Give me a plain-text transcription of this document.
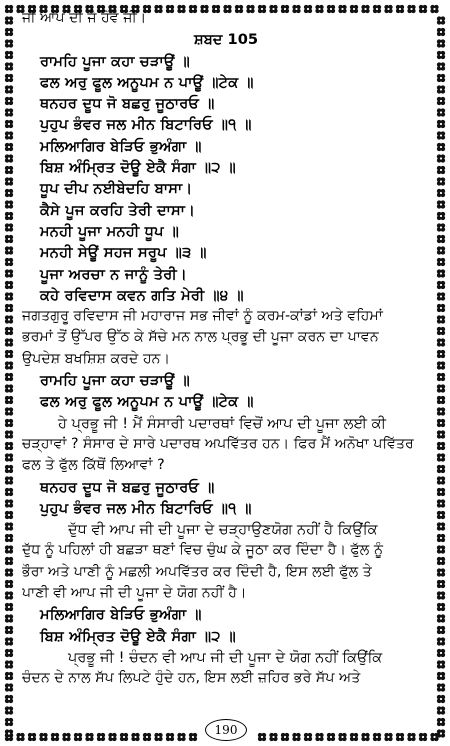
ਜੀ ਆਪ ਦੀ ਜੇ ਹੋਵੇ ਜੀ।
ਸ਼ਬਦ 105
ਰਾਮਹਿ ਪੂਜਾ ਕਹਾ ਚੜਾਊਂ ॥
ਫਲ ਅਰੁ ਫੂਲ ਅਨੂਪਮ ਨ ਪਾਊਂ ॥ਟੇਕ ॥
ਥਨਹਰ ਦੂਧ ਜੋ ਬਛਰੁ ਜੂਠਾਰਓ ॥
ਪੁਹੁਪ ਭੰਵਰ ਜਲ ਮੀਨ ਬਿਟਾਰਿਓ ॥੧ ॥
ਮਲਿਆਗਿਰ ਬੇੜਿਓ ਭੁਅੰਗਾ ॥
ਬਿਸ਼ ਅੰਮ੍ਰਿਤ ਦੋਊ ਏਕੈ ਸੰਗਾ ॥੨ ॥
ਧੂਪ ਦੀਪ ਨਈਬੇਦਹਿ ਬਾਸਾ।
ਕੈਸੇ ਪੂਜ ਕਰਹਿ ਤੇਰੀ ਦਾਸਾ।
ਮਨਹੀ ਪੂਜਾ ਮਨਹੀ ਧੂਪ ॥
ਮਨਹੀ ਸੇਊਂ ਸਹਜ ਸਰੂਪ ॥੩ ॥
ਪੂਜਾ ਅਰਚਾ ਨ ਜਾਨੂੰ ਤੇਰੀ।
ਕਹੇ ਰਵਿਦਾਸ ਕਵਨ ਗਤਿ ਮੇਰੀ ॥੪ ॥
ਜਗਤਗੁਰੂ ਰਵਿਦਾਸ ਜੀ ਮਹਾਰਾਜ ਸਭ ਜੀਵਾਂ ਨੂੰ ਕਰਮ-ਕਾਂਡਾਂ ਅਤੇ ਵਹਿਮਾਂ
ਭਰਮਾਂ ਤੋਂ ਉੱਪਰ ਉੱਠ ਕੇ ਸੱਚੇ ਮਨ ਨਾਲ ਪ੍ਰਭੂ ਦੀ ਪੂਜਾ ਕਰਨ ਦਾ ਪਾਵਨ
ਉਪਦੇਸ਼ ਬਖਸ਼ਿਸ਼ ਕਰਦੇ ਹਨ।
ਰਾਮਹਿ ਪੂਜਾ ਕਹਾ ਚੜਾਊਂ ॥
ਫਲ ਅਰੁ ਫੂਲ ਅਨੂਪਮ ਨ ਪਾਊਂ ॥ਟੇਕ ॥
ਹੇ ਪ੍ਰਭੂ ਜੀ ! ਮੈਂ ਸੰਸਾਰੀ ਪਦਾਰਥਾਂ ਵਿਚੋਂ ਆਪ ਦੀ ਪੂਜਾ ਲਈ ਕੀ
ਚੜ੍ਹਾਵਾਂ ? ਸੰਸਾਰ ਦੇ ਸਾਰੇ ਪਦਾਰਥ ਅਪਵਿੱਤਰ ਹਨ। ਫਿਰ ਮੈਂ ਅਨੋਖਾ ਪਵਿੱਤਰ
ਫਲ ਤੇ ਫੁੱਲ ਕਿੱਥੋਂ ਲਿਆਵਾਂ ?
ਥਨਹਰ ਦੂਧ ਜੋ ਬਛਰੁ ਜੂਠਾਰਓ ॥
ਪੁਹੁਪ ਭੰਵਰ ਜਲ ਮੀਨ ਬਿਟਾਰਿਓ ॥੧ ॥
ਦੁੱਧ ਵੀ ਆਪ ਜੀ ਦੀ ਪੂਜਾ ਦੇ ਚੜ੍ਹਾਉਣਯੋਗ ਨਹੀਂ ਹੈ ਕਿਉਂਕਿ
ਦੁੱਧ ਨੂੰ ਪਹਿਲਾਂ ਹੀ ਬਛੜਾ ਥਣਾਂ ਵਿਚ ਚੁੰਘ ਕੇ ਜੂਠਾ ਕਰ ਦਿੰਦਾ ਹੈ। ਫੁੱਲ ਨੂੰ
ਭੌਰਾ ਅਤੇ ਪਾਣੀ ਨੂੰ ਮਛਲੀ ਅਪਵਿੱਤਰ ਕਰ ਦਿੰਦੀ ਹੈ, ਇਸ ਲਈ ਫੁੱਲ ਤੇ
ਪਾਣੀ ਵੀ ਆਪ ਜੀ ਦੀ ਪੂਜਾ ਦੇ ਯੋਗ ਨਹੀਂ ਹੈ।
ਮਲਿਆਗਿਰ ਬੇੜਿਓ ਭੁਅੰਗਾ ॥
ਬਿਸ਼ ਅੰਮ੍ਰਿਤ ਦੋਊ ਏਕੈ ਸੰਗਾ ॥੨ ॥
ਪ੍ਰਭੂ ਜੀ ! ਚੰਦਨ ਵੀ ਆਪ ਜੀ ਦੀ ਪੂਜਾ ਦੇ ਯੋਗ ਨਹੀਂ ਕਿਉਂਕਿ
ਚੰਦਨ ਦੇ ਨਾਲ ਸੱਪ ਲਿਪਟੇ ਹੁੰਦੇ ਹਨ, ਇਸ ਲਈ ਜ਼ਹਿਰ ਭਰੇ ਸੱਪ ਅਤੇ
190
